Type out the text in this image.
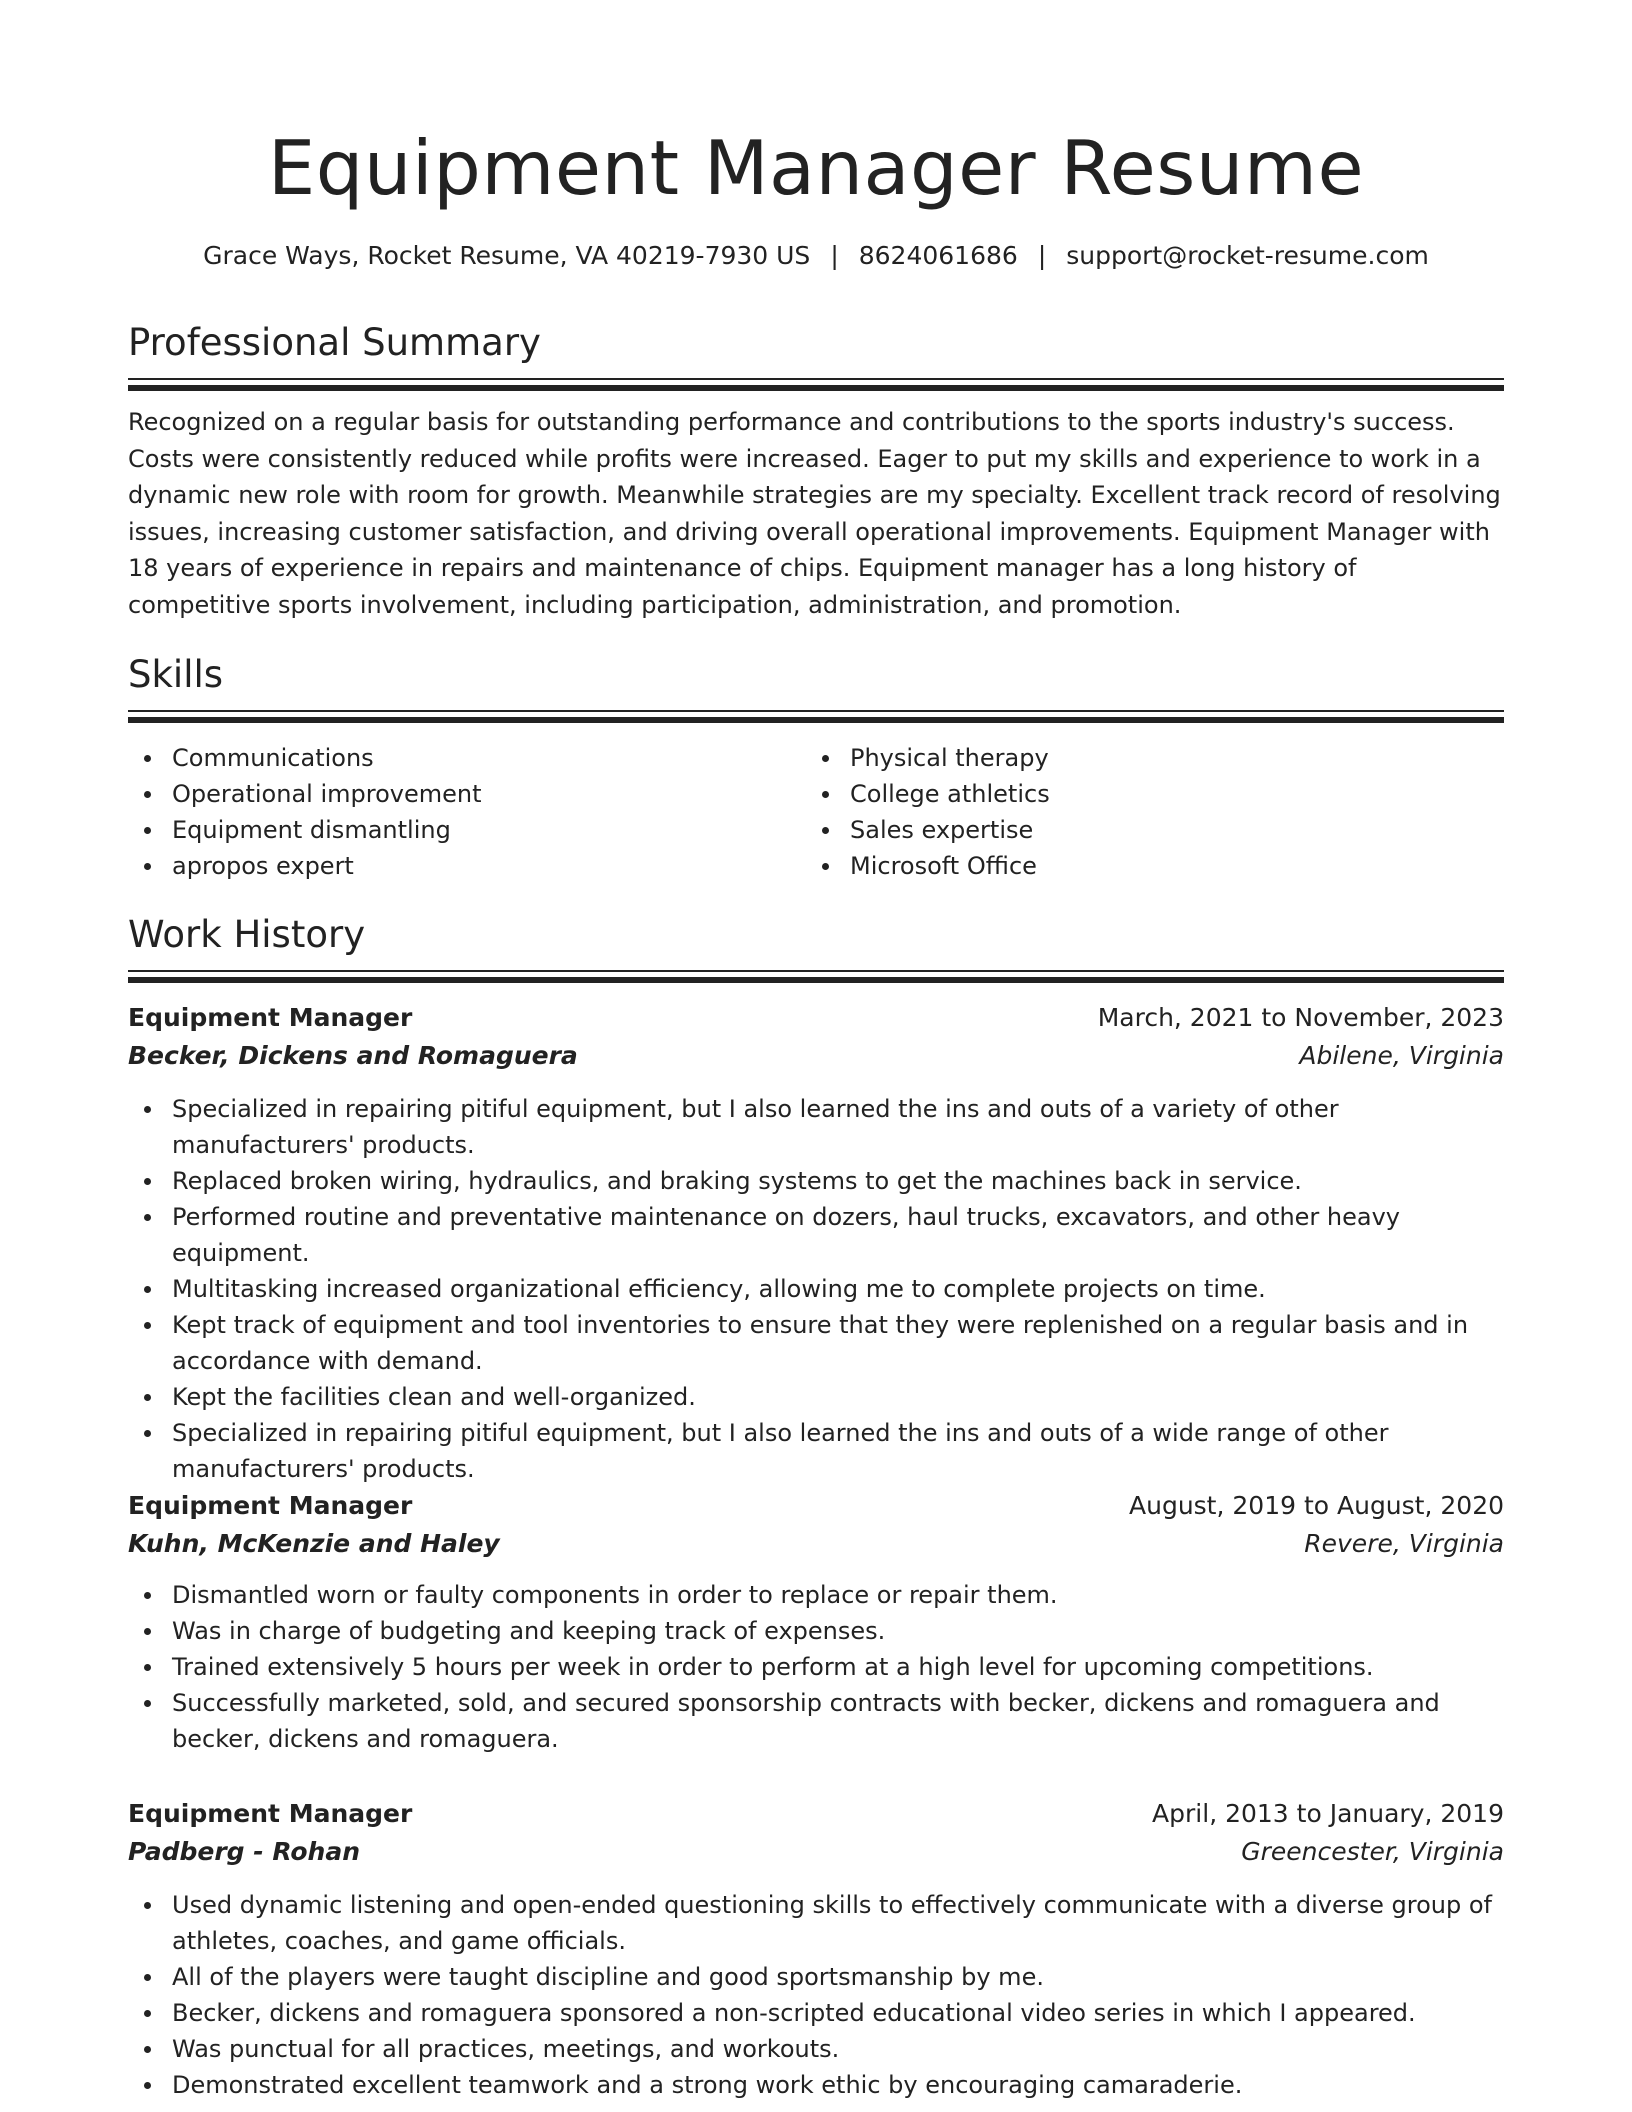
Equipment Manager Resume
Grace Ways, Rocket Resume, VA 40219-7930 US | 8624061686 | support@rocket-resume.com
Professional Summary

Recognized on a regular basis for outstanding performance and contributions to the sports industry's success. Costs were consistently reduced while profits were increased. Eager to put my skills and experience to work in a dynamic new role with room for growth. Meanwhile strategies are my specialty. Excellent track record of resolving issues, increasing customer satisfaction, and driving overall operational improvements. Equipment Manager with 18 years of experience in repairs and maintenance of chips. Equipment manager has a long history of competitive sports involvement, including participation, administration, and promotion.

Skills
Communications
Operational improvement
Equipment dismantling
apropos expert
Physical therapy
College athletics
Sales expertise
Microsoft Office
Work History
Equipment Manager	March, 2021 to November, 2023
Becker, Dickens and Romaguera	Abilene, Virginia
Specialized in repairing pitiful equipment, but I also learned the ins and outs of a variety of other manufacturers' products.
Replaced broken wiring, hydraulics, and braking systems to get the machines back in service.
Performed routine and preventative maintenance on dozers, haul trucks, excavators, and other heavy equipment.
Multitasking increased organizational efficiency, allowing me to complete projects on time.
Kept track of equipment and tool inventories to ensure that they were replenished on a regular basis and in accordance with demand.
Kept the facilities clean and well-organized.
Specialized in repairing pitiful equipment, but I also learned the ins and outs of a wide range of other manufacturers' products.
Equipment Manager	August, 2019 to August, 2020
Kuhn, McKenzie and Haley	Revere, Virginia
Dismantled worn or faulty components in order to replace or repair them.
Was in charge of budgeting and keeping track of expenses.
Trained extensively 5 hours per week in order to perform at a high level for upcoming competitions.
Successfully marketed, sold, and secured sponsorship contracts with becker, dickens and romaguera and becker, dickens and romaguera.
Equipment Manager	April, 2013 to January, 2019
Padberg - Rohan	Greencester, Virginia
Used dynamic listening and open-ended questioning skills to effectively communicate with a diverse group of athletes, coaches, and game officials.
All of the players were taught discipline and good sportsmanship by me.
Becker, dickens and romaguera sponsored a non-scripted educational video series in which I appeared.
Was punctual for all practices, meetings, and workouts.
Demonstrated excellent teamwork and a strong work ethic by encouraging camaraderie.
